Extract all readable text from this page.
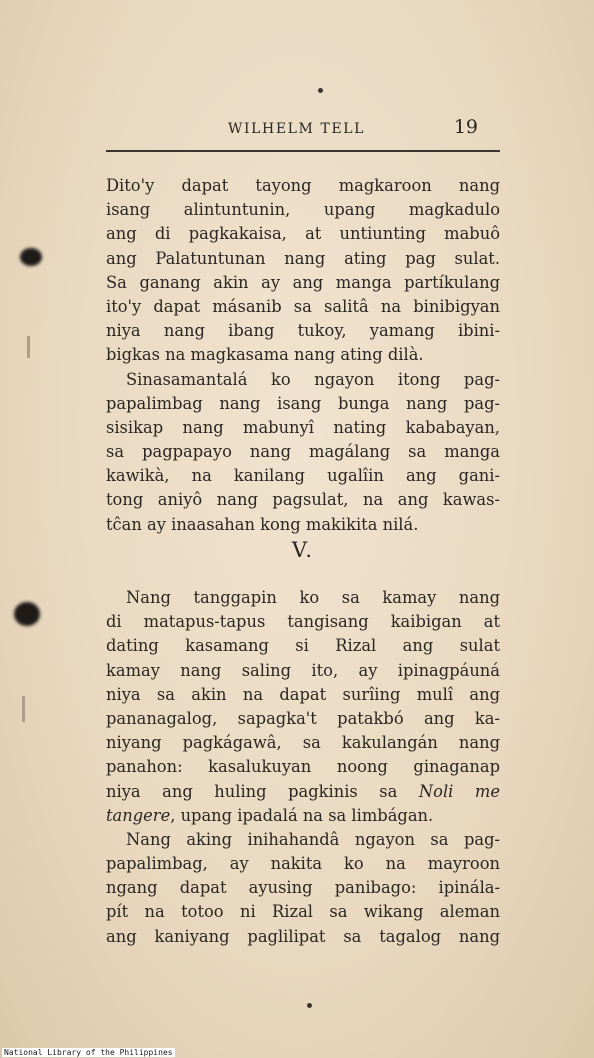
WILHELM TELL	19
Dito'y dapat tayong magkaroon nang
isang alintuntunin, upang magkadulo
ang di pagkakaisa, at untiunting mabuô
ang Palatuntunan nang ating pag sulat.
Sa ganang akin ay ang manga partíkulang
ito'y dapat másanib sa salitâ na binibigyan
niya nang ibang tukoy, yamang ibini-
bigkas na magkasama nang ating dilà.
Sinasamantalá ko ngayon itong pag-
papalimbag nang isang bunga nang pag-
sisikap nang mabunyî nating kababayan,
sa pagpapayo nang magálang sa manga
kawikà, na kanilang ugalîin ang gani-
tong aniyô nang pagsulat, na ang kawas-
tĉan ay inaasahan kong makikita nilá.
V.
Nang tanggapin ko sa kamay nang
di matapus-tapus tangisang kaibigan at
dating kasamang si Rizal ang sulat
kamay nang saling ito, ay ipinagpáuná
niya sa akin na dapat surîing mulî ang
pananagalog, sapagka't patakbó ang ka-
niyang pagkágawâ, sa kakulangán nang
panahon: kasalukuyan noong ginaganap
niya ang huling pagkinis sa Noli me
tangere, upang ipadalá na sa limbágan.
Nang aking inihahandâ ngayon sa pag-
papalimbag, ay nakita ko na mayroon
ngang dapat ayusing panibago: ipinála-
pít na totoo ni Rizal sa wikang aleman
ang kaniyang paglilipat sa tagalog nang
National Library of the Philippines
